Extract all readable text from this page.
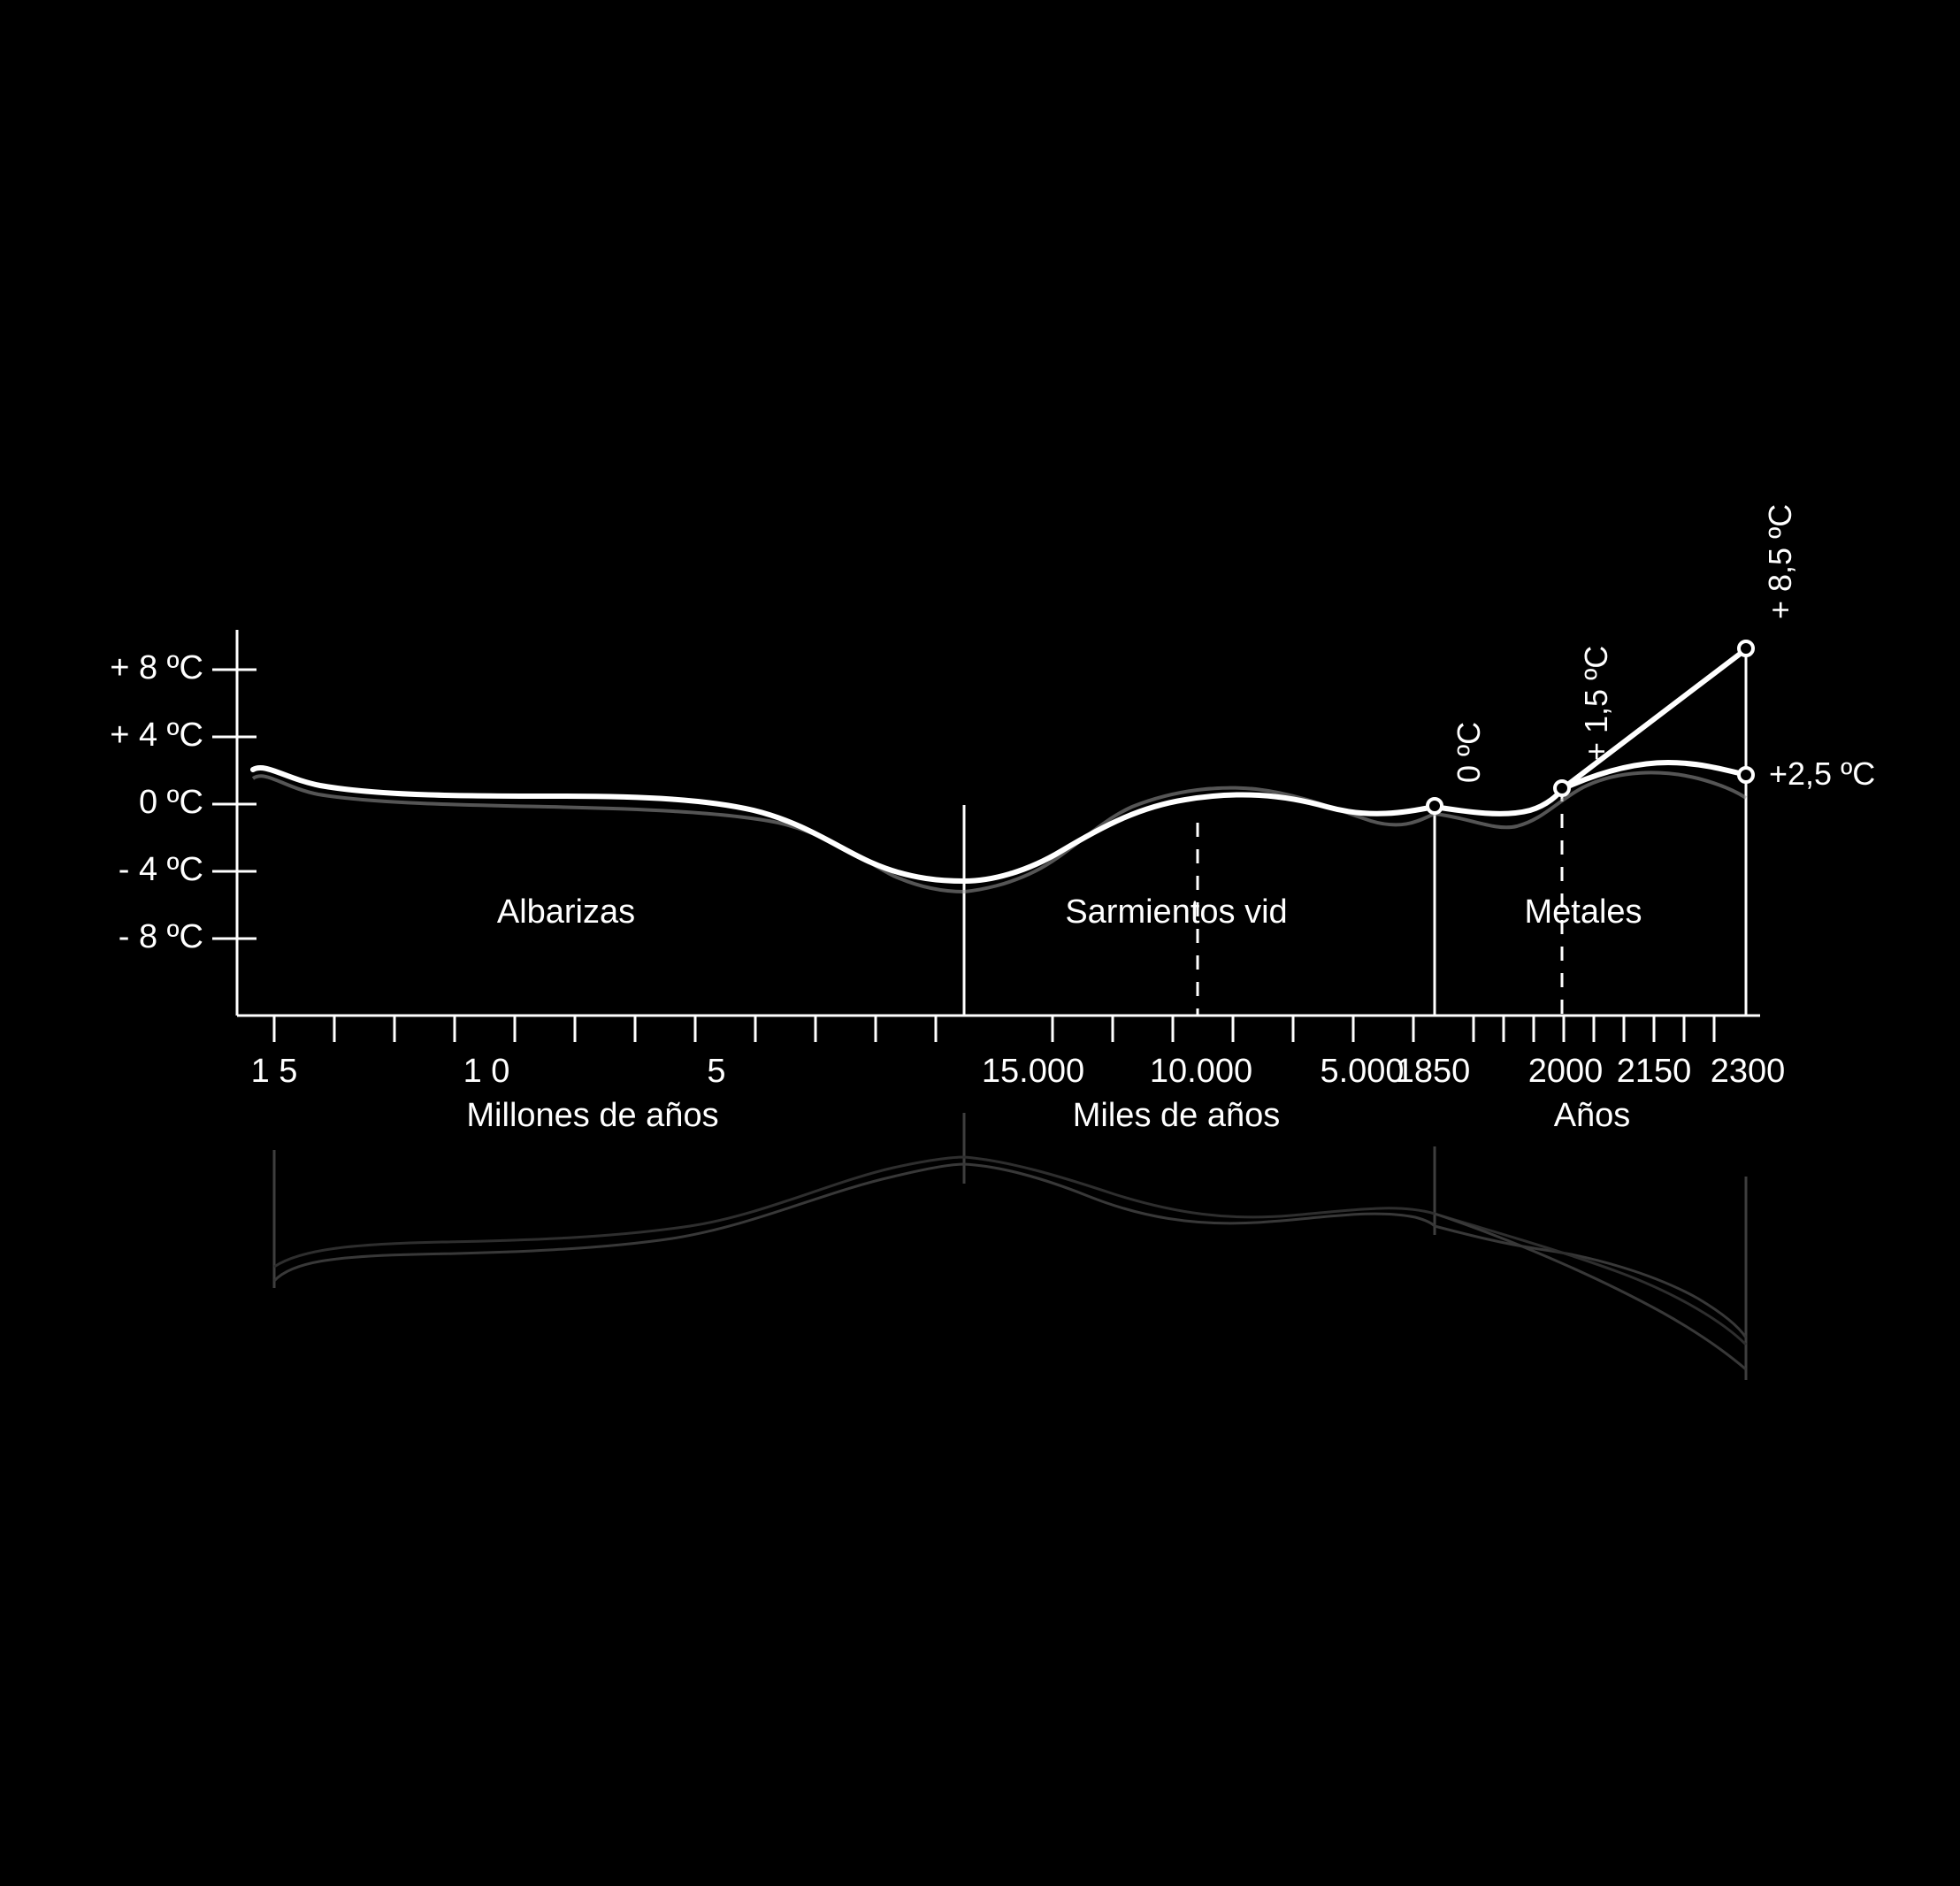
+ 8 ºC
+ 4 ºC
0 ºC
- 4 ºC
- 8 ºC
1 5	1 0	5	15.000	10.000	5.000
1850	2000 2150 2300
Millones de años	Miles de años	Años
Albarizas	Sarmientos vid	Metales
0 ºC	+ 1,5 ºC
+ 8,5 ºC
+2,5 ºC
